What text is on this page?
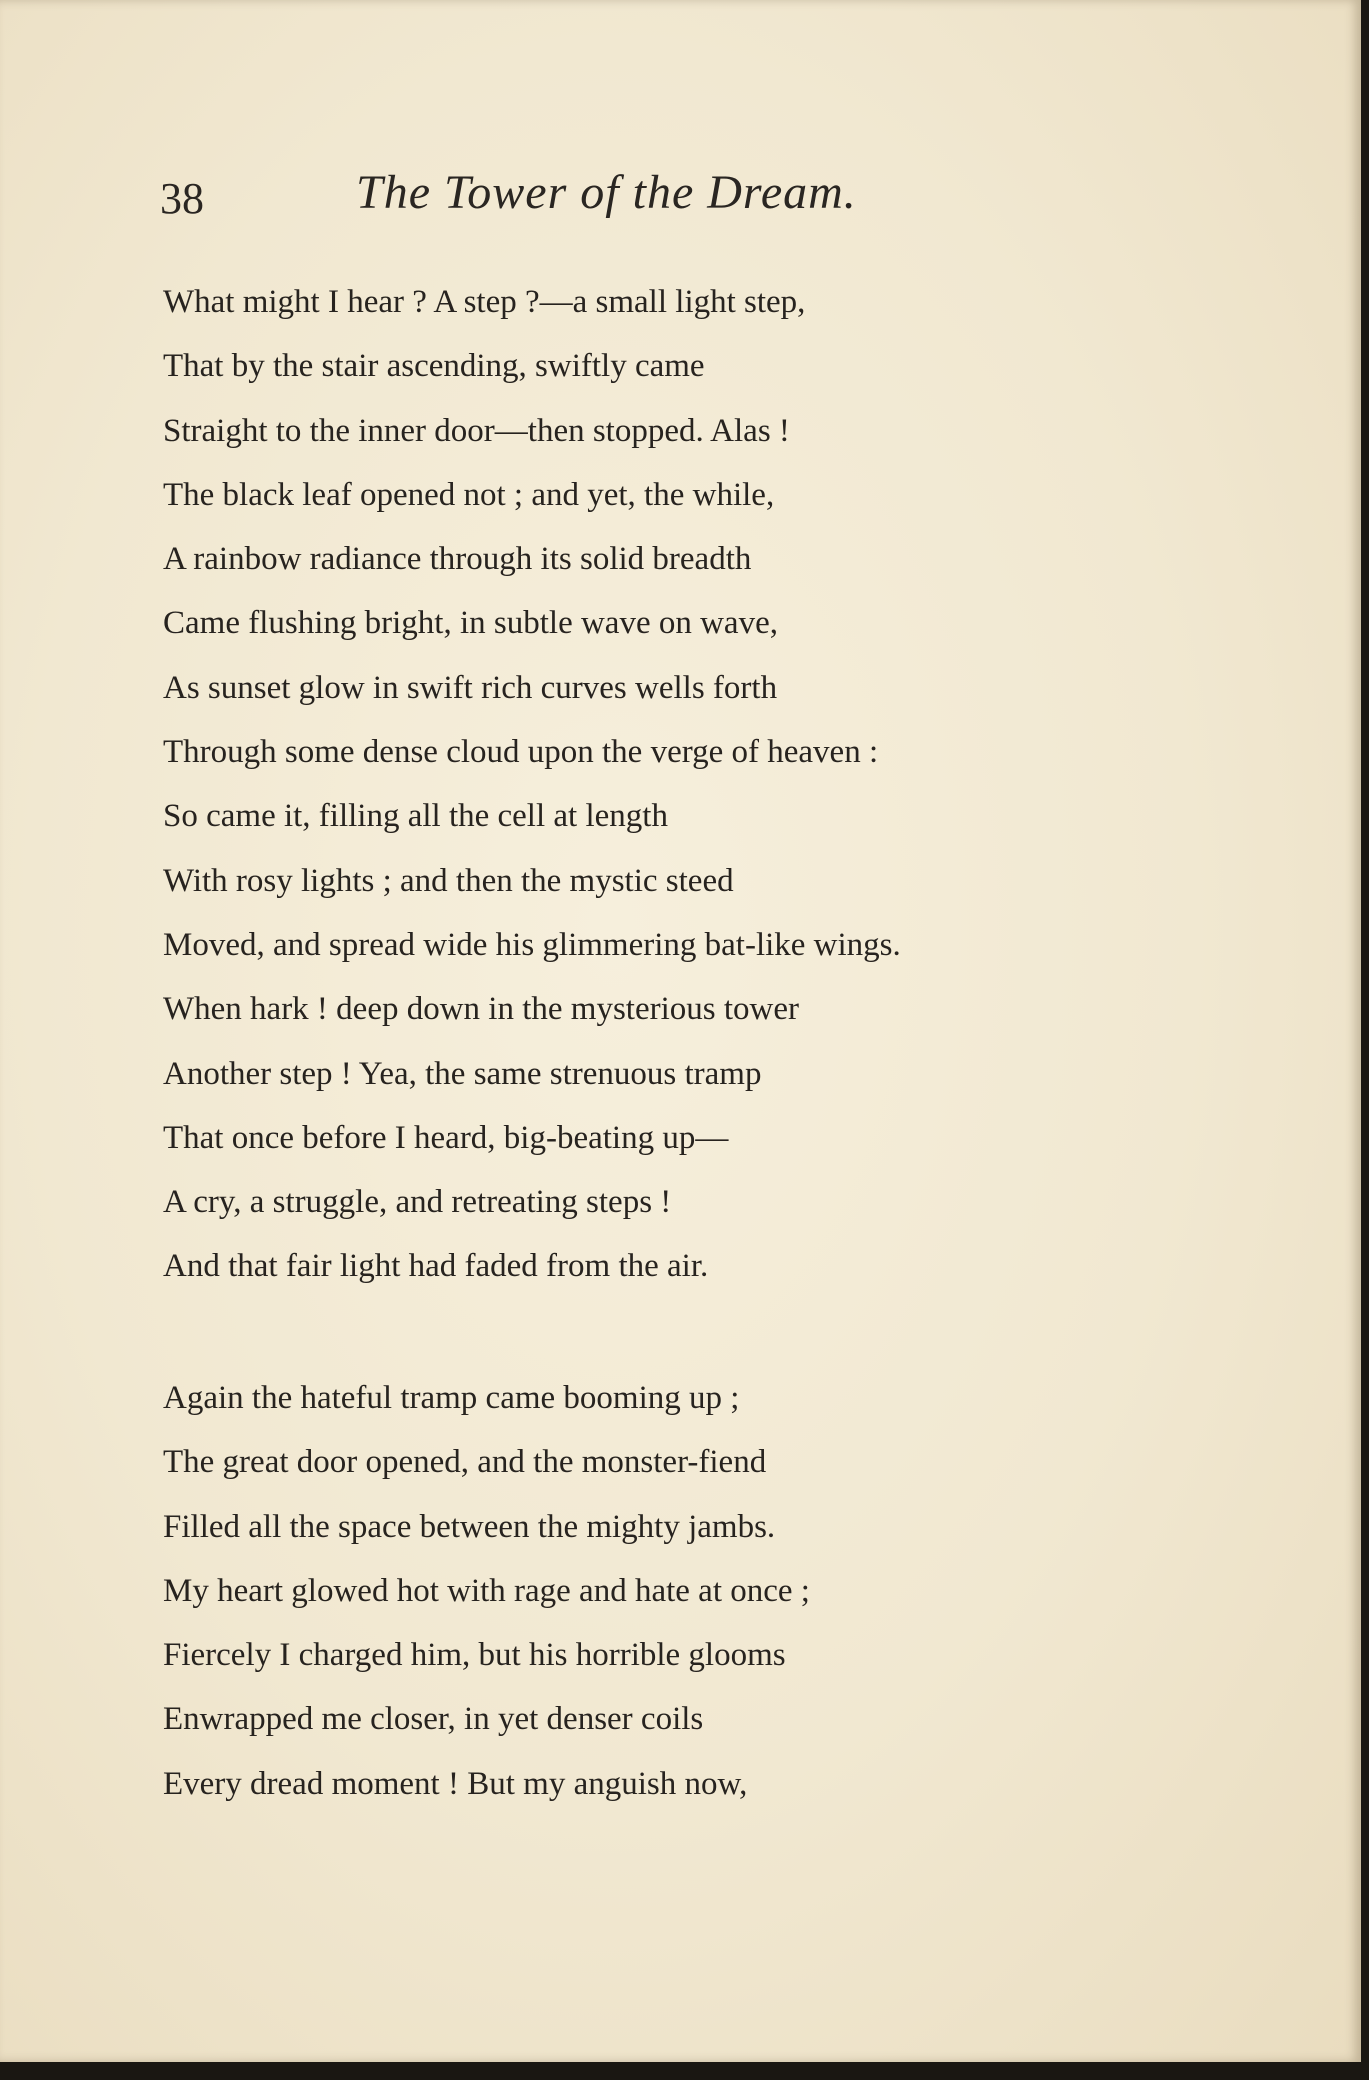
38	The Tower of the Dream.
What might I hear ? A step ?—a small light step,
That by the stair ascending, swiftly came
Straight to the inner door—then stopped. Alas !
The black leaf opened not ; and yet, the while,
A rainbow radiance through its solid breadth
Came flushing bright, in subtle wave on wave,
As sunset glow in swift rich curves wells forth
Through some dense cloud upon the verge of heaven :
So came it, filling all the cell at length
With rosy lights ; and then the mystic steed
Moved, and spread wide his glimmering bat-like wings.
When hark ! deep down in the mysterious tower
Another step ! Yea, the same strenuous tramp
That once before I heard, big-beating up—
A cry, a struggle, and retreating steps !
And that fair light had faded from the air.
Again the hateful tramp came booming up ;
The great door opened, and the monster-fiend
Filled all the space between the mighty jambs.
My heart glowed hot with rage and hate at once ;
Fiercely I charged him, but his horrible glooms
Enwrapped me closer, in yet denser coils
Every dread moment ! But my anguish now,
